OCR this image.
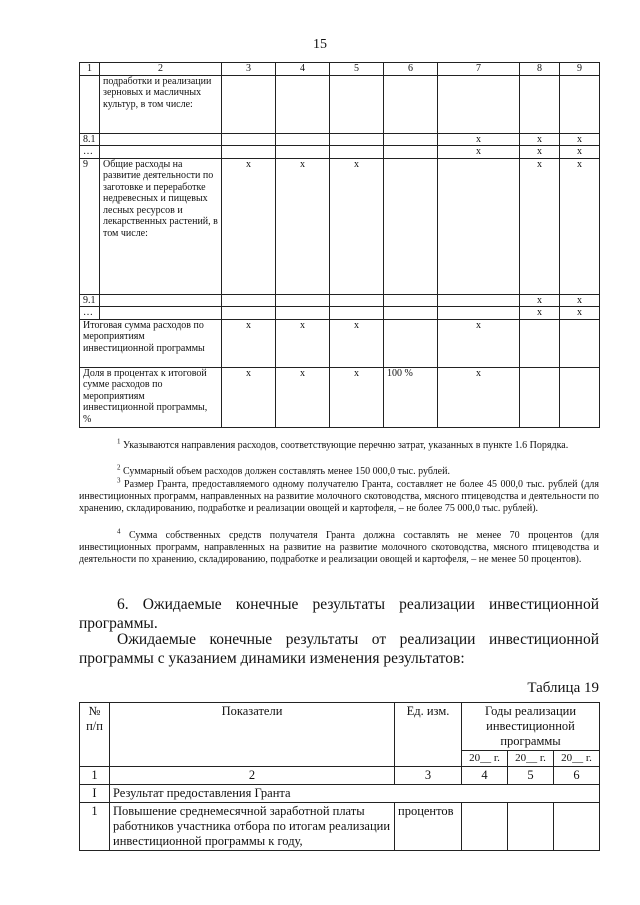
15
1	2	3	4	5	6	7	8	9
	подработки и реализации зерновых и масличных культур, в том числе:							
8.1						x	x	x
…						x	x	x
9	Общие расходы на развитие деятельности по заготовке и переработке недревесных и пищевых лесных ресурсов и лекарственных растений, в том числе:	x	x	x			x	x
9.1							x	x
…							x	x
Итоговая сумма расходов по мероприятиям инвестиционной программы		x	x	x		x		
Доля в процентах к итоговой сумме расходов по мероприятиям инвестиционной программы, %		x	x	x	100 %	x		
$^1$ Указываются направления расходов, соответствующие перечню затрат, указанных в пункте 1.6 Порядка.
$^2$ Суммарный объем расходов должен составлять менее 150 000,0 тыс. рублей.
$^3$ Размер Гранта, предоставляемого одному получателю Гранта, составляет не более 45 000,0 тыс. рублей (для инвестиционных программ, направленных на развитие молочного скотоводства, мясного птицеводства и деятельности по хранению, складированию, подработке и реализации овощей и картофеля, – не более 75 000,0 тыс. рублей).
$^4$ Сумма собственных средств получателя Гранта должна составлять не менее 70 процентов (для инвестиционных программ, направленных на развитие на развитие молочного скотоводства, мясного птицеводства и деятельности по хранению, складированию, подработке и реализации овощей и картофеля, – не менее 50 процентов).
6. Ожидаемые конечные результаты реализации инвестиционной программы.
Ожидаемые конечные результаты от реализации инвестиционной программы с указанием динамики изменения результатов:
Таблица 19
№ п/п	Показатели	Ед. изм.	Годы реализации инвестиционной программы		
			20__ г.	20__ г.	20__ г.
1	2	3	4	5	6
I	Результат предоставления Гранта				
1	Повышение среднемесячной заработной платы работников участника отбора по итогам реализации инвестиционной программы к году,	процентов			
